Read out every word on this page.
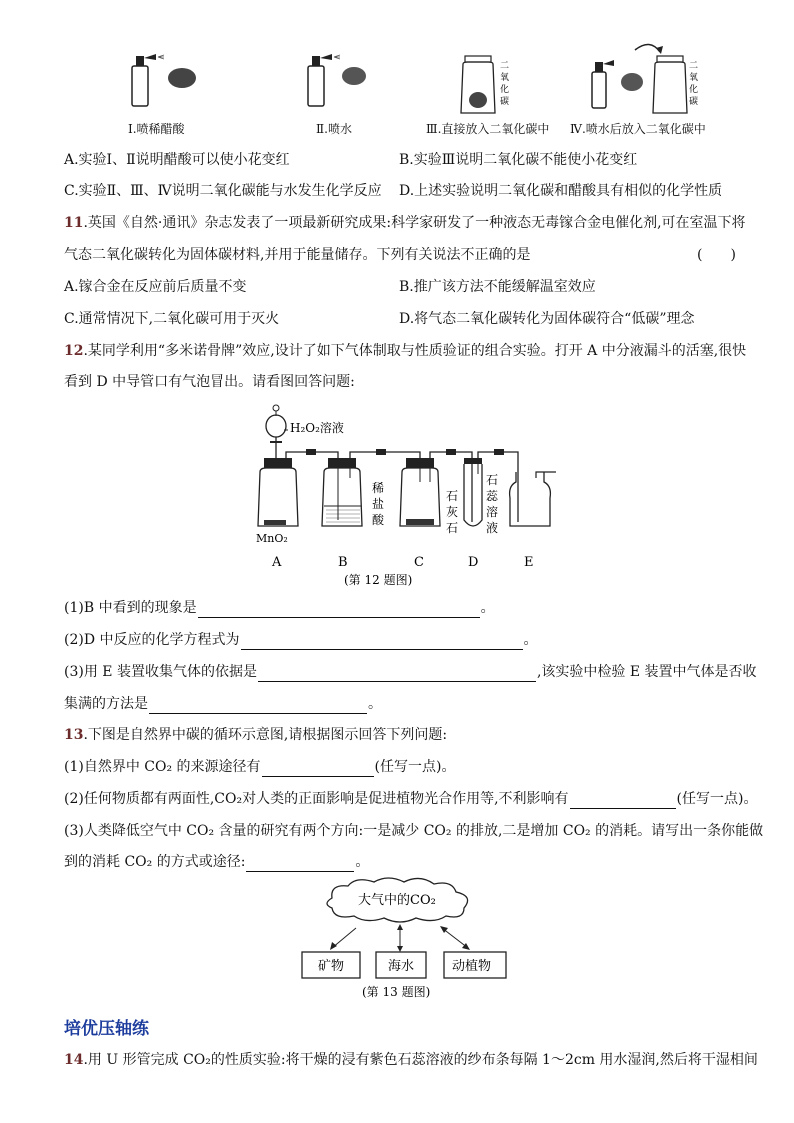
二
氧
化
碳
二
氧
化
碳
Ⅰ.喷稀醋酸	Ⅱ.喷水	Ⅲ.直接放入二氧化碳中 Ⅳ.喷水后放入二氧化碳中
A.实验Ⅰ、Ⅱ说明醋酸可以使小花变红	B.实验Ⅲ说明二氧化碳不能使小花变红
C.实验Ⅱ、Ⅲ、Ⅳ说明二氧化碳能与水发生化学反应 D.上述实验说明二氧化碳和醋酸具有相似的化学性质
11.英国《自然·通讯》杂志发表了一项最新研究成果:科学家研发了一种液态无毒镓合金电催化剂,可在室温下将
气态二氧化碳转化为固体碳材料,并用于能量储存。下列有关说法不正确的是	(　　)
A.镓合金在反应前后质量不变	B.推广该方法不能缓解温室效应
C.通常情况下,二氧化碳可用于灭火	D.将气态二氧化碳转化为固体碳符合“低碳”理念
12.某同学利用“多米诺骨牌”效应,设计了如下气体制取与性质验证的组合实验。打开 A 中分液漏斗的活塞,很快
看到 D 中导管口有气泡冒出。请看图回答问题:
H₂O₂溶液
MnO₂
稀
盐
酸
石
灰
石
石
蕊
溶
液
A	B	C	D	E
(第 12 题图)
(1)B 中看到的现象是	。
(2)D 中反应的化学方程式为	。
(3)用 E 装置收集气体的依据是	,该实验中检验 E 装置中气体是否收
集满的方法是	。
13.下图是自然界中碳的循环示意图,请根据图示回答下列问题:
(1)自然界中 CO₂ 的来源途径有	(任写一点)。
(2)任何物质都有两面性,CO₂对人类的正面影响是促进植物光合作用等,不利影响有	(任写一点)。
(3)人类降低空气中 CO₂ 含量的研究有两个方向:一是减少 CO₂ 的排放,二是增加 CO₂ 的消耗。请写出一条你能做
到的消耗 CO₂ 的方式或途径:	。
大气中的CO₂
矿物	海水	动植物
(第 13 题图)
培优压轴练
14.用 U 形管完成 CO₂的性质实验:将干燥的浸有紫色石蕊溶液的纱布条每隔 1～2cm 用水湿润,然后将干湿相间
